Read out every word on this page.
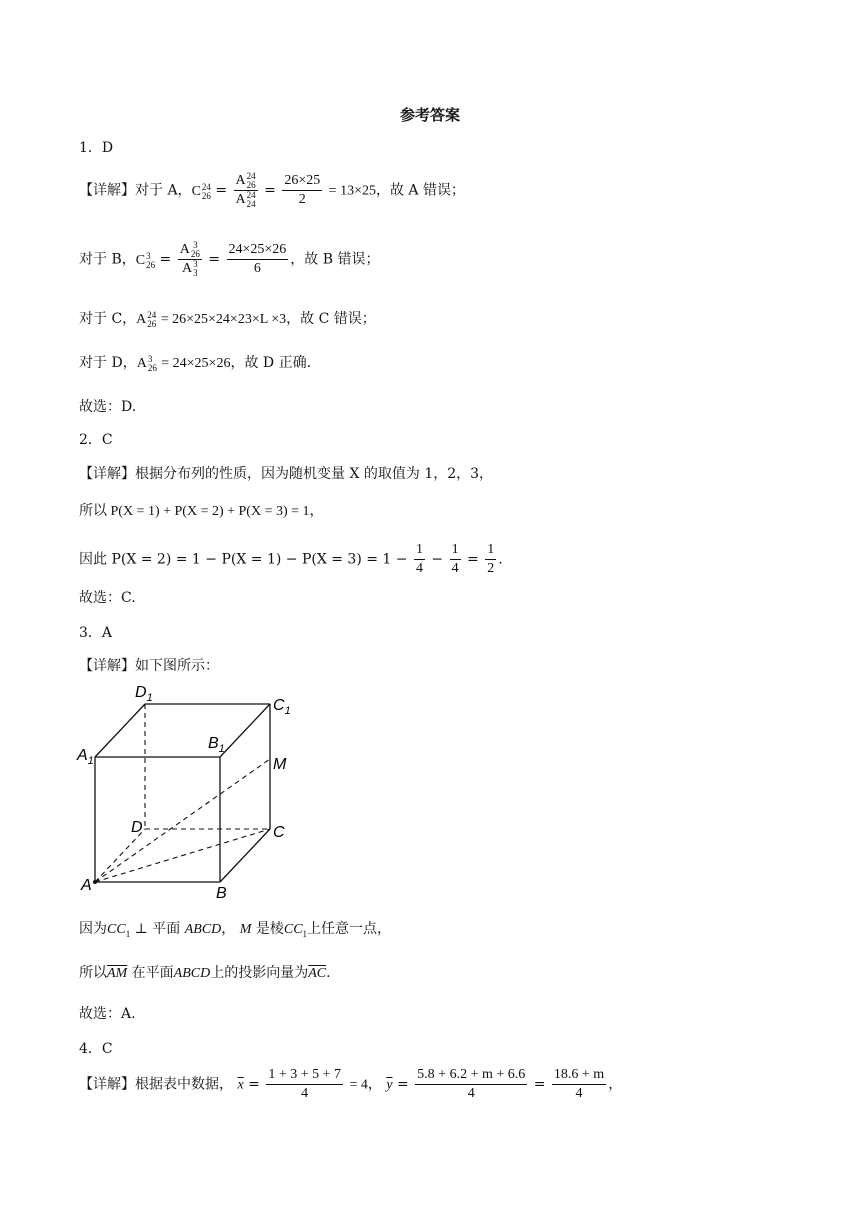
参考答案
1．D
【详解】对于 A，C 24
26 = A 24
26
A 24
$24 = \frac{26\times 25}{2} = 13\times 25$，故 A 错误；
对于 B，C 3
26 = A 3
26
A 3
$3 = \frac{24\times 25\times 26}{6}$ ，故 B 错误；
对于 C，A 24
26 = 26×25×24×23×L ×3，故 C 错误；
对于 D，A 3
26 = 24×25×26，故 D 正确.
故选：D.
2．C
【详解】根据分布列的性质，因为随机变量 X 的取值为 1，2，3，
所以 P(X = 1) + P(X = 2) + P(X = 3) = 1，
因此 $P(X = 2) = 1 - P(X = 1) - P(X = 3) = 1 - \frac{1}{4} - \frac{1}{4} = \frac{1}{2}$ .
故选：C.
3．A
【详解】如下图所示：
$D_1$	$C_1$
$A_1$
$B_1$
M
D	C
A	B
因为$CC_1$ ⊥ 平面 ABCD， M 是棱$CC_1$上任意一点，
所以$\overline{AM}$ 在平面ABCD上的投影向量为$\overline{AC}$.
故选：A.
4．C
【详解】根据表中数据， $\overline{x} = \frac{1 + 3 + 5 + 7}{4} = 4$， $\overline{y} = \frac{5.8 + 6.2 + m + 6.6}{4} = \frac{18.6 + m}{4}$ ，
